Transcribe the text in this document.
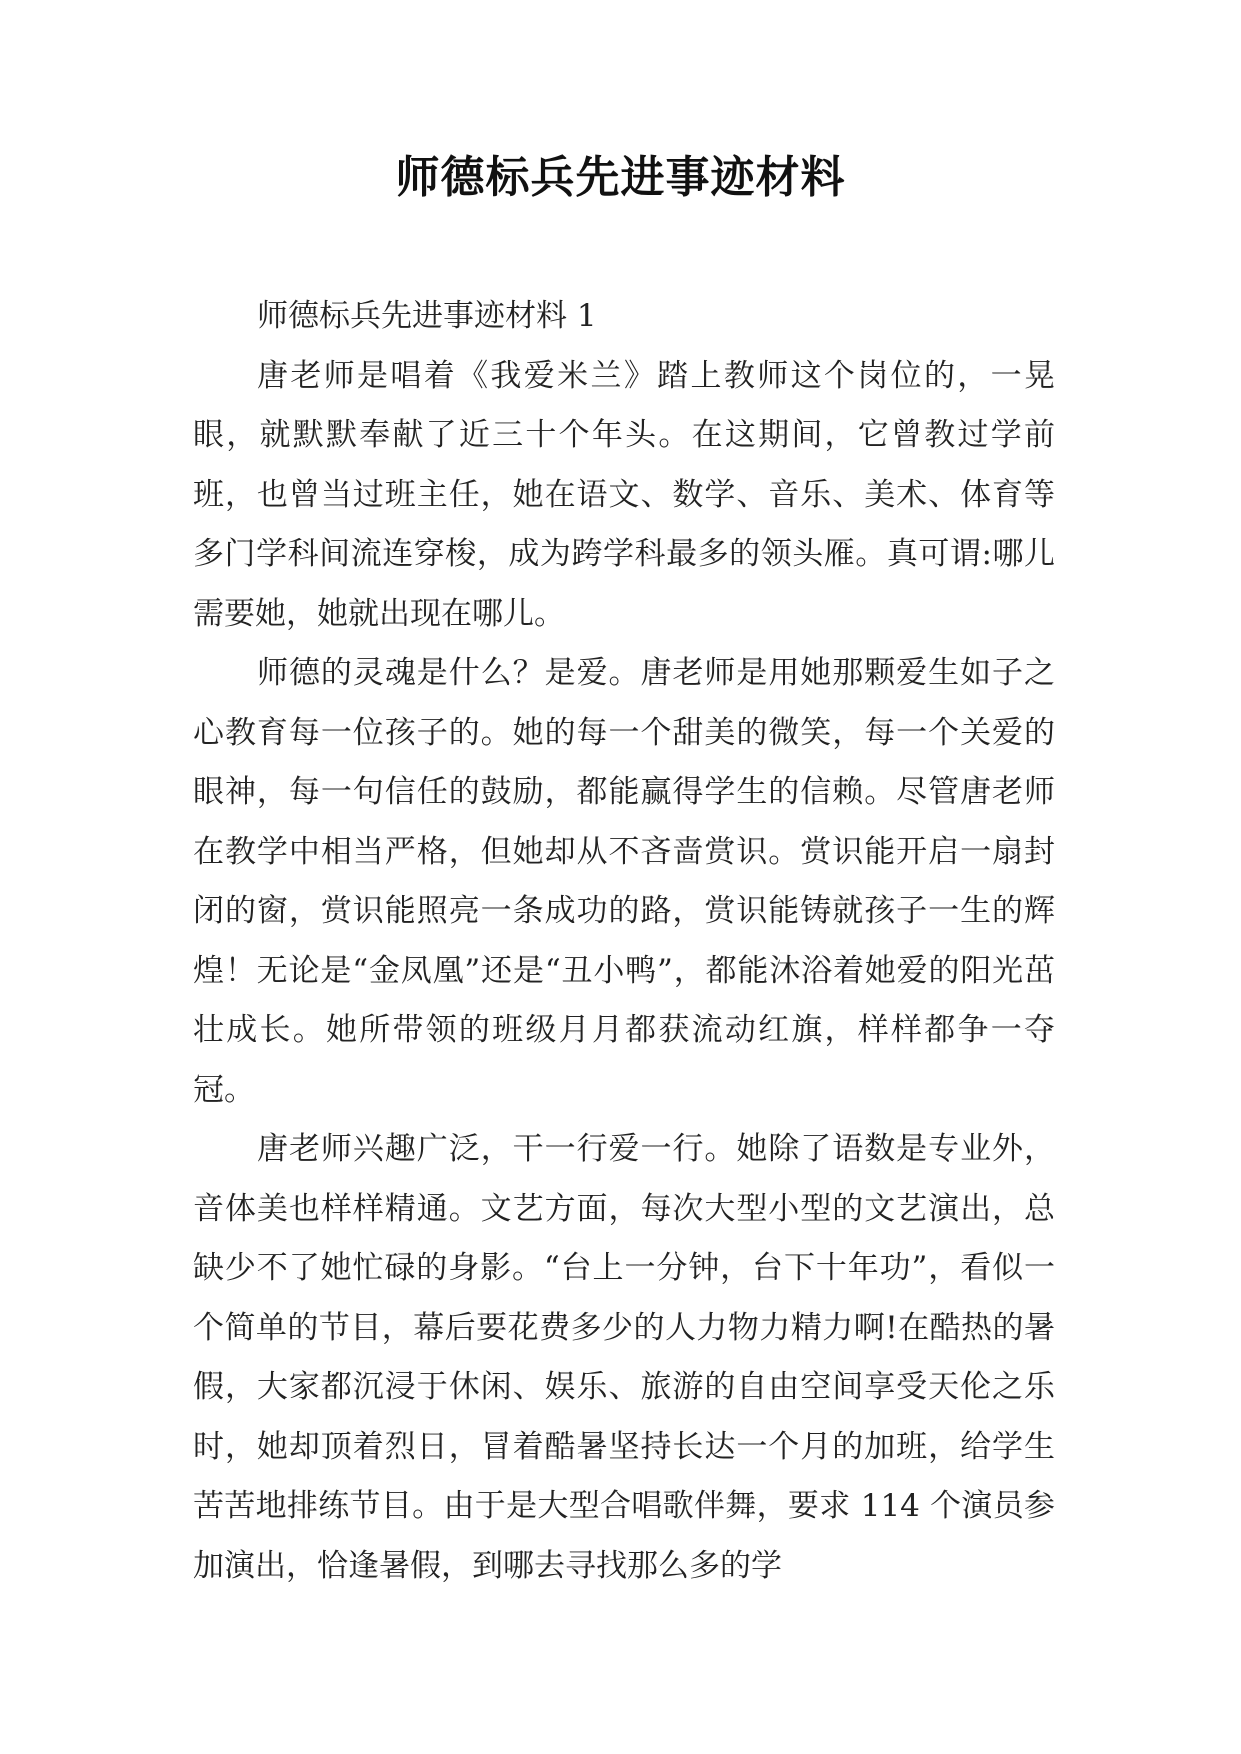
师德标兵先进事迹材料

师德标兵先进事迹材料 1

唐老师是唱着《我爱米兰》踏上教师这个岗位的，一晃眼，就默默奉献了近三十个年头。在这期间，它曾教过学前班，也曾当过班主任，她在语文、数学、音乐、美术、体育等多门学科间流连穿梭，成为跨学科最多的领头雁。真可谓:哪儿需要她，她就出现在哪儿。

师德的灵魂是什么？是爱。唐老师是用她那颗爱生如子之心教育每一位孩子的。她的每一个甜美的微笑，每一个关爱的眼神，每一句信任的鼓励，都能赢得学生的信赖。尽管唐老师在教学中相当严格，但她却从不吝啬赏识。赏识能开启一扇封闭的窗，赏识能照亮一条成功的路，赏识能铸就孩子一生的辉煌！无论是“金凤凰”还是“丑小鸭”，都能沐浴着她爱的阳光茁壮成长。她所带领的班级月月都获流动红旗，样样都争一夺冠。

唐老师兴趣广泛，干一行爱一行。她除了语数是专业外，音体美也样样精通。文艺方面，每次大型小型的文艺演出，总缺少不了她忙碌的身影。“台上一分钟，台下十年功”，看似一个简单的节目，幕后要花费多少的人力物力精力啊!在酷热的暑假，大家都沉浸于休闲、娱乐、旅游的自由空间享受天伦之乐时，她却顶着烈日，冒着酷暑坚持长达一个月的加班，给学生苦苦地排练节目。由于是大型合唱歌伴舞，要求 114 个演员参加演出，恰逢暑假，到哪去寻找那么多的学
